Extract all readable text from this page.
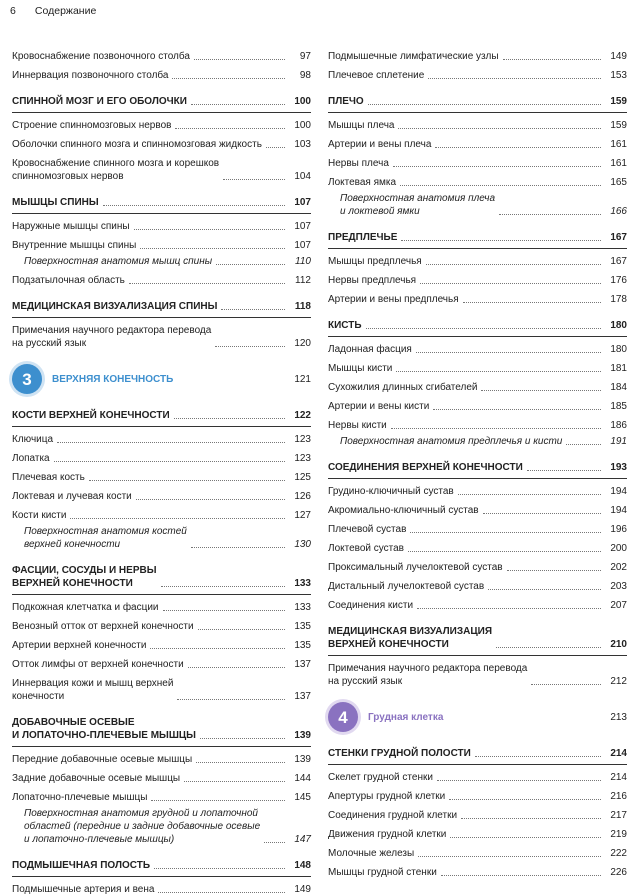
6 Содержание
Кровоснабжение позвоночного столба	97
Иннервация позвоночного столба	98
СПИННОЙ МОЗГ И ЕГО ОБОЛОЧКИ	100
Строение спинномозговых нервов	100
Оболочки спинного мозга и спинномозговая жидкость	103
Кровоснабжение спинного мозга и корешков
спинномозговых нервов	104
МЫШЦЫ СПИНЫ	107
Наружные мышцы спины	107
Внутренние мышцы спины	107
Поверхностная анатомия мышц спины	110
Подзатылочная область	112
МЕДИЦИНСКАЯ ВИЗУАЛИЗАЦИЯ СПИНЫ	118
Примечания научного редактора перевода
на русский язык	120
3	ВЕРХНЯЯ КОНЕЧНОСТЬ	121
КОСТИ ВЕРХНЕЙ КОНЕЧНОСТИ	122
Ключица	123
Лопатка	123
Плечевая кость	125
Локтевая и лучевая кости	126
Кости кисти	127
Поверхностная анатомия костей
верхней конечности	130
ФАСЦИИ, СОСУДЫ И НЕРВЫ
ВЕРХНЕЙ КОНЕЧНОСТИ	133
Подкожная клетчатка и фасции	133
Венозный отток от верхней конечности	135
Артерии верхней конечности	135
Отток лимфы от верхней конечности	137
Иннервация кожи и мышц верхней
конечности	137
ДОБАВОЧНЫЕ ОСЕВЫЕ
И ЛОПАТОЧНО-ПЛЕЧЕВЫЕ МЫШЦЫ	139
Передние добавочные осевые мышцы	139
Задние добавочные осевые мышцы	144
Лопаточно-плечевые мышцы	145
Поверхностная анатомия грудной и лопаточной
областей (передние и задние добавочные осевые
и лопаточно-плечевые мышцы)	147
ПОДМЫШЕЧНАЯ ПОЛОСТЬ	148
Подмышечные артерия и вена	149
Подмышечные лимфатические узлы	149
Плечевое сплетение	153
ПЛЕЧО	159
Мышцы плеча	159
Артерии и вены плеча	161
Нервы плеча	161
Локтевая ямка	165
Поверхностная анатомия плеча
и локтевой ямки	166
ПРЕДПЛЕЧЬЕ	167
Мышцы предплечья	167
Нервы предплечья	176
Артерии и вены предплечья	178
КИСТЬ	180
Ладонная фасция	180
Мышцы кисти	181
Сухожилия длинных сгибателей	184
Артерии и вены кисти	185
Нервы кисти	186
Поверхностная анатомия предплечья и кисти	191
СОЕДИНЕНИЯ ВЕРХНЕЙ КОНЕЧНОСТИ	193
Грудино-ключичный сустав	194
Акромиально-ключичный сустав	194
Плечевой сустав	196
Локтевой сустав	200
Проксимальный лучелоктевой сустав	202
Дистальный лучелоктевой сустав	203
Соединения кисти	207
МЕДИЦИНСКАЯ ВИЗУАЛИЗАЦИЯ
ВЕРХНЕЙ КОНЕЧНОСТИ	210
Примечания научного редактора перевода
на русский язык	212
4	Грудная клетка	213
СТЕНКИ ГРУДНОЙ ПОЛОСТИ	214
Скелет грудной стенки	214
Апертуры грудной клетки	216
Соединения грудной клетки	217
Движения грудной клетки	219
Молочные железы	222
Мышцы грудной стенки	226
